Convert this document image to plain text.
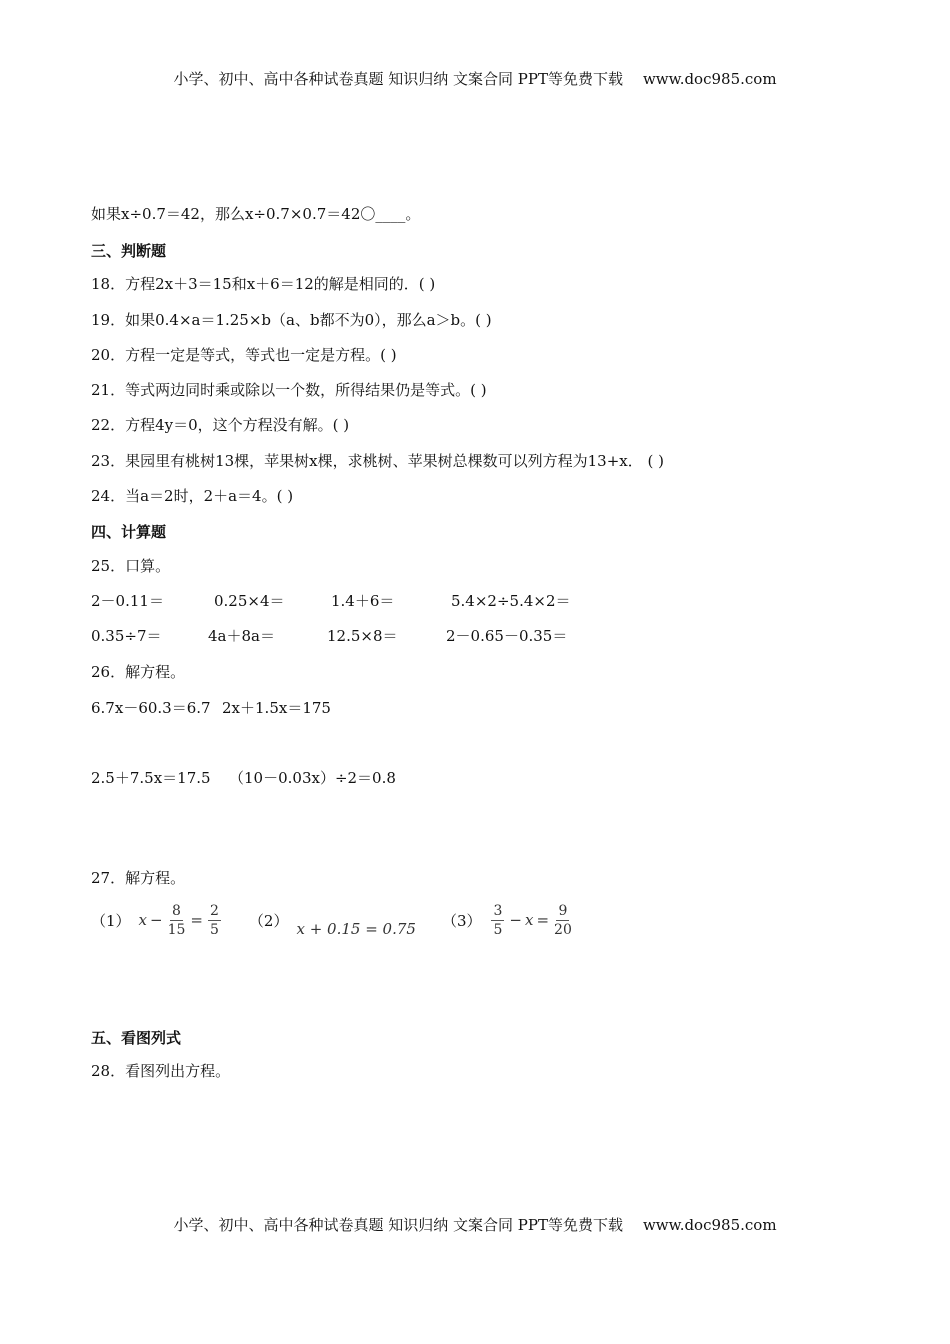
小学、初中、高中各种试卷真题 知识归纳 文案合同 PPT等免费下载 www.doc985.com
如果x÷0.7＝42，那么x÷0.7×0.7＝42〇____。
三、判断题
18．方程2x＋3＝15和x＋6＝12的解是相同的．( )
19．如果0.4×a＝1.25×b（a、b都不为0），那么a＞b。( )
20．方程一定是等式，等式也一定是方程。( )
21．等式两边同时乘或除以一个数，所得结果仍是等式。( )
22．方程4y＝0，这个方程没有解。( )
23．果园里有桃树13棵，苹果树x棵，求桃树、苹果树总棵数可以列方程为13+x． ( )
24．当a＝2时，2＋a＝4。( )
四、计算题
25．口算。
2－0.11＝	0.25×4＝	1.4＋6＝	5.4×2÷5.4×2＝
0.35÷7＝	4a＋8a＝	12.5×8＝	2－0.65－0.35＝
26．解方程。
6.7x－60.3＝6.7 2x＋1.5x＝175
2.5＋7.5x＝17.5 （10－0.03x）÷2＝0.8
27．解方程。
（1） $x - \frac{8}{15} = \frac{2}{5} (2) x + 0.15 = 0.75$ $(3) \frac{3}{5} - x = \frac{9}{20}$
五、看图列式
28．看图列出方程。
小学、初中、高中各种试卷真题 知识归纳 文案合同 PPT等免费下载 www.doc985.com
